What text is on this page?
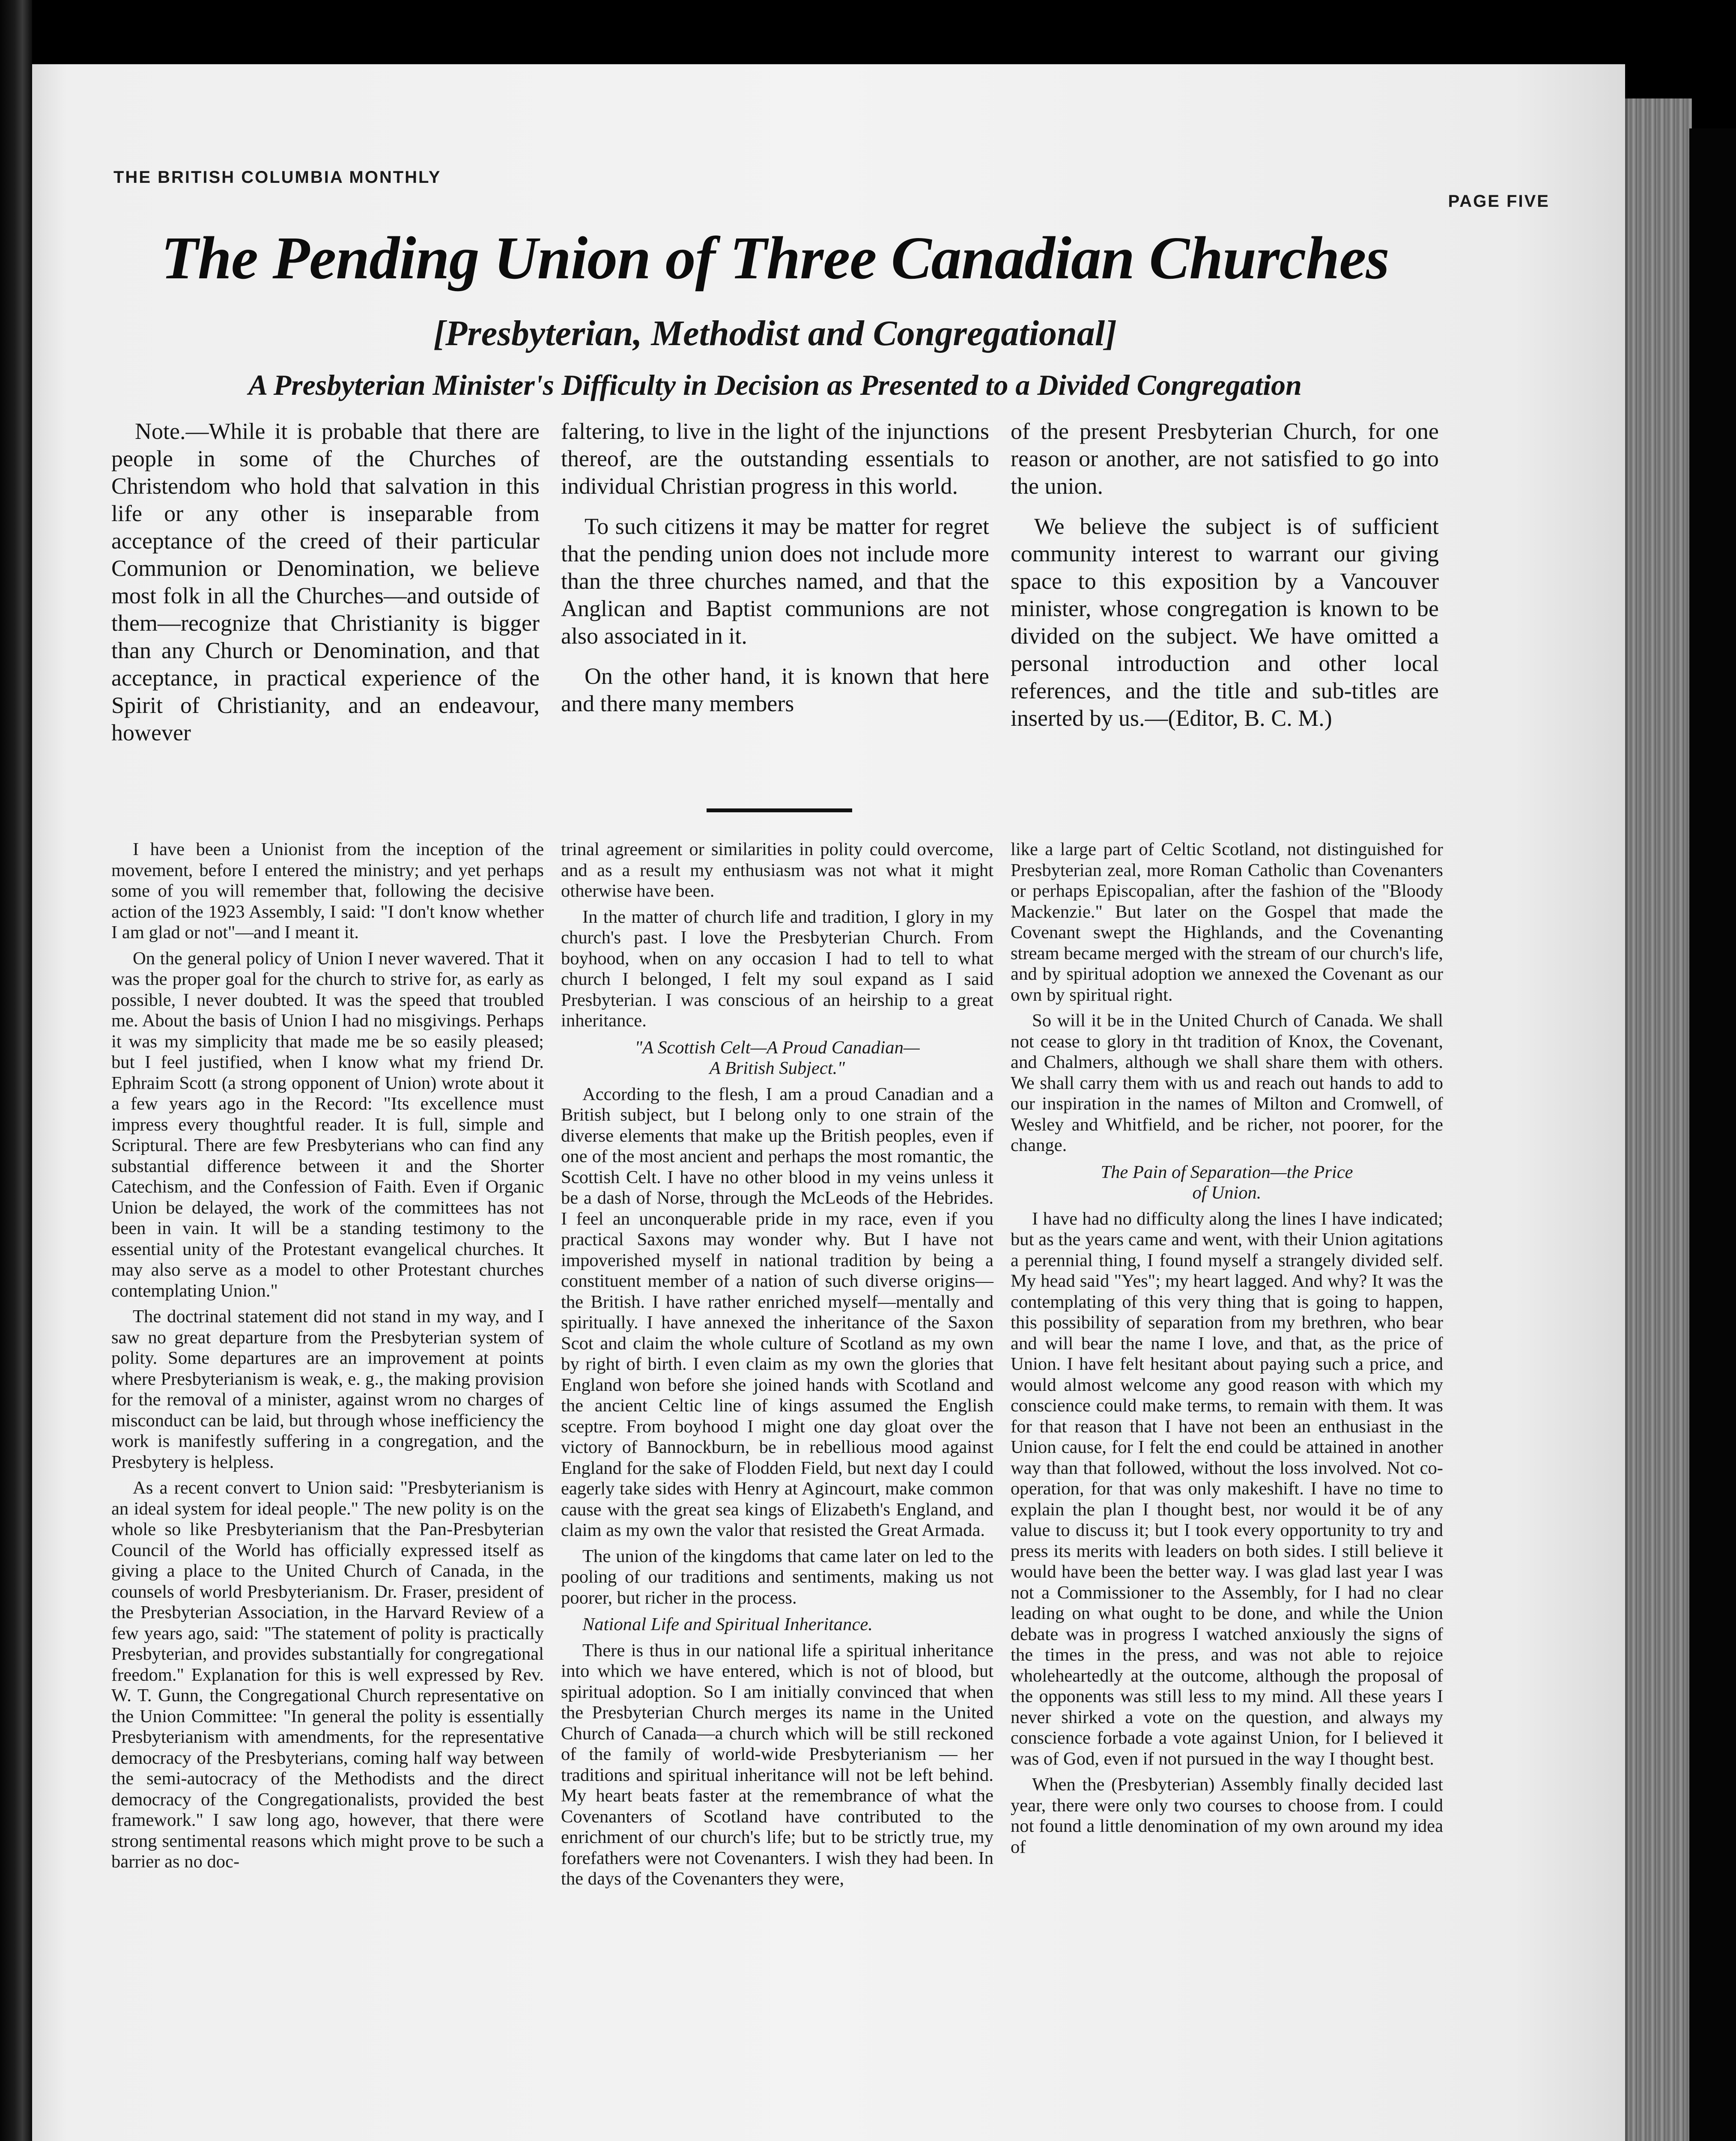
THE BRITISH COLUMBIA MONTHLY
PAGE FIVE
The Pending Union of Three Canadian Churches
[Presbyterian, Methodist and Congregational]
A Presbyterian Minister's Difficulty in Decision as Presented to a Divided Congregation

Note.—While it is probable that there are people in some of the Churches of Christendom who hold that salvation in this life or any other is inseparable from acceptance of the creed of their particular Communion or Denomination, we believe most folk in all the Churches—and outside of them—recognize that Christianity is bigger than any Church or Denomination, and that acceptance, in practical experience of the Spirit of Christianity, and an endeavour, however

faltering, to live in the light of the injunctions thereof, are the outstanding essentials to individual Christian progress in this world.

To such citizens it may be matter for regret that the pending union does not include more than the three churches named, and that the Anglican and Baptist communions are not also associated in it.

On the other hand, it is known that here and there many members

of the present Presbyterian Church, for one reason or another, are not satisfied to go into the union.

We believe the subject is of sufficient community interest to warrant our giving space to this exposition by a Vancouver minister, whose congregation is known to be divided on the subject. We have omitted a personal introduction and other local references, and the title and sub-titles are inserted by us.—(Editor, B. C. M.)

I have been a Unionist from the inception of the movement, before I entered the ministry; and yet perhaps some of you will remember that, following the decisive action of the 1923 Assembly, I said: "I don't know whether I am glad or not"—and I meant it.

On the general policy of Union I never wavered. That it was the proper goal for the church to strive for, as early as possible, I never doubted. It was the speed that troubled me. About the basis of Union I had no misgivings. Perhaps it was my simplicity that made me be so easily pleased; but I feel justified, when I know what my friend Dr. Ephraim Scott (a strong opponent of Union) wrote about it a few years ago in the Record: "Its excellence must impress every thoughtful reader. It is full, simple and Scriptural. There are few Presbyterians who can find any substantial difference between it and the Shorter Catechism, and the Confession of Faith. Even if Organic Union be delayed, the work of the committees has not been in vain. It will be a standing testimony to the essential unity of the Protestant evangelical churches. It may also serve as a model to other Protestant churches contemplating Union."

The doctrinal statement did not stand in my way, and I saw no great departure from the Presbyterian system of polity. Some departures are an improvement at points where Presbyterianism is weak, e. g., the making provision for the removal of a minister, against wrom no charges of misconduct can be laid, but through whose inefficiency the work is manifestly suffering in a congregation, and the Presbytery is helpless.

As a recent convert to Union said: "Presbyterianism is an ideal system for ideal people." The new polity is on the whole so like Presbyterianism that the Pan-Presbyterian Council of the World has officially expressed itself as giving a place to the United Church of Canada, in the counsels of world Presbyterianism. Dr. Fraser, president of the Presbyterian Association, in the Harvard Review of a few years ago, said: "The statement of polity is practically Presbyterian, and provides substantially for congregational freedom." Explanation for this is well expressed by Rev. W. T. Gunn, the Congregational Church representative on the Union Committee: "In general the polity is essentially Presbyterianism with amendments, for the representative democracy of the Presbyterians, coming half way between the semi-autocracy of the Methodists and the direct democracy of the Congregationalists, provided the best framework." I saw long ago, however, that there were strong sentimental reasons which might prove to be such a barrier as no doc-

trinal agreement or similarities in polity could overcome, and as a result my enthusiasm was not what it might otherwise have been.

In the matter of church life and tradition, I glory in my church's past. I love the Presbyterian Church. From boyhood, when on any occasion I had to tell to what church I belonged, I felt my soul expand as I said Presbyterian. I was conscious of an heirship to a great inheritance.

"A Scottish Celt—A Proud Canadian—
A British Subject."

According to the flesh, I am a proud Canadian and a British subject, but I belong only to one strain of the diverse elements that make up the British peoples, even if one of the most ancient and perhaps the most romantic, the Scottish Celt. I have no other blood in my veins unless it be a dash of Norse, through the McLeods of the Hebrides. I feel an unconquerable pride in my race, even if you practical Saxons may wonder why. But I have not impoverished myself in national tradition by being a constituent member of a nation of such diverse origins—the British. I have rather enriched myself—mentally and spiritually. I have annexed the inheritance of the Saxon Scot and claim the whole culture of Scotland as my own by right of birth. I even claim as my own the glories that England won before she joined hands with Scotland and the ancient Celtic line of kings assumed the English sceptre. From boyhood I might one day gloat over the victory of Bannockburn, be in rebellious mood against England for the sake of Flodden Field, but next day I could eagerly take sides with Henry at Agincourt, make common cause with the great sea kings of Elizabeth's England, and claim as my own the valor that resisted the Great Armada.

The union of the kingdoms that came later on led to the pooling of our traditions and sentiments, making us not poorer, but richer in the process.

National Life and Spiritual Inheritance.

There is thus in our national life a spiritual inheritance into which we have entered, which is not of blood, but spiritual adoption. So I am initially convinced that when the Presbyterian Church merges its name in the United Church of Canada—a church which will be still reckoned of the family of world-wide Presbyterianism — her traditions and spiritual inheritance will not be left behind. My heart beats faster at the remembrance of what the Covenanters of Scotland have contributed to the enrichment of our church's life; but to be strictly true, my forefathers were not Covenanters. I wish they had been. In the days of the Covenanters they were,

like a large part of Celtic Scotland, not distinguished for Presbyterian zeal, more Roman Catholic than Covenanters or perhaps Episcopalian, after the fashion of the "Bloody Mackenzie." But later on the Gospel that made the Covenant swept the Highlands, and the Covenanting stream became merged with the stream of our church's life, and by spiritual adoption we annexed the Covenant as our own by spiritual right.

So will it be in the United Church of Canada. We shall not cease to glory in tht tradition of Knox, the Covenant, and Chalmers, although we shall share them with others. We shall carry them with us and reach out hands to add to our inspiration in the names of Milton and Cromwell, of Wesley and Whitfield, and be richer, not poorer, for the change.

The Pain of Separation—the Price
of Union.

I have had no difficulty along the lines I have indicated; but as the years came and went, with their Union agitations a perennial thing, I found myself a strangely divided self. My head said "Yes"; my heart lagged. And why? It was the contemplating of this very thing that is going to happen, this possibility of separation from my brethren, who bear and will bear the name I love, and that, as the price of Union. I have felt hesitant about paying such a price, and would almost welcome any good reason with which my conscience could make terms, to remain with them. It was for that reason that I have not been an enthusiast in the Union cause, for I felt the end could be attained in another way than that followed, without the loss involved. Not co-operation, for that was only makeshift. I have no time to explain the plan I thought best, nor would it be of any value to discuss it; but I took every opportunity to try and press its merits with leaders on both sides. I still believe it would have been the better way. I was glad last year I was not a Commissioner to the Assembly, for I had no clear leading on what ought to be done, and while the Union debate was in progress I watched anxiously the signs of the times in the press, and was not able to rejoice wholeheartedly at the outcome, although the proposal of the opponents was still less to my mind. All these years I never shirked a vote on the question, and always my conscience forbade a vote against Union, for I believed it was of God, even if not pursued in the way I thought best.

When the (Presbyterian) Assembly finally decided last year, there were only two courses to choose from. I could not found a little denomination of my own around my idea of
